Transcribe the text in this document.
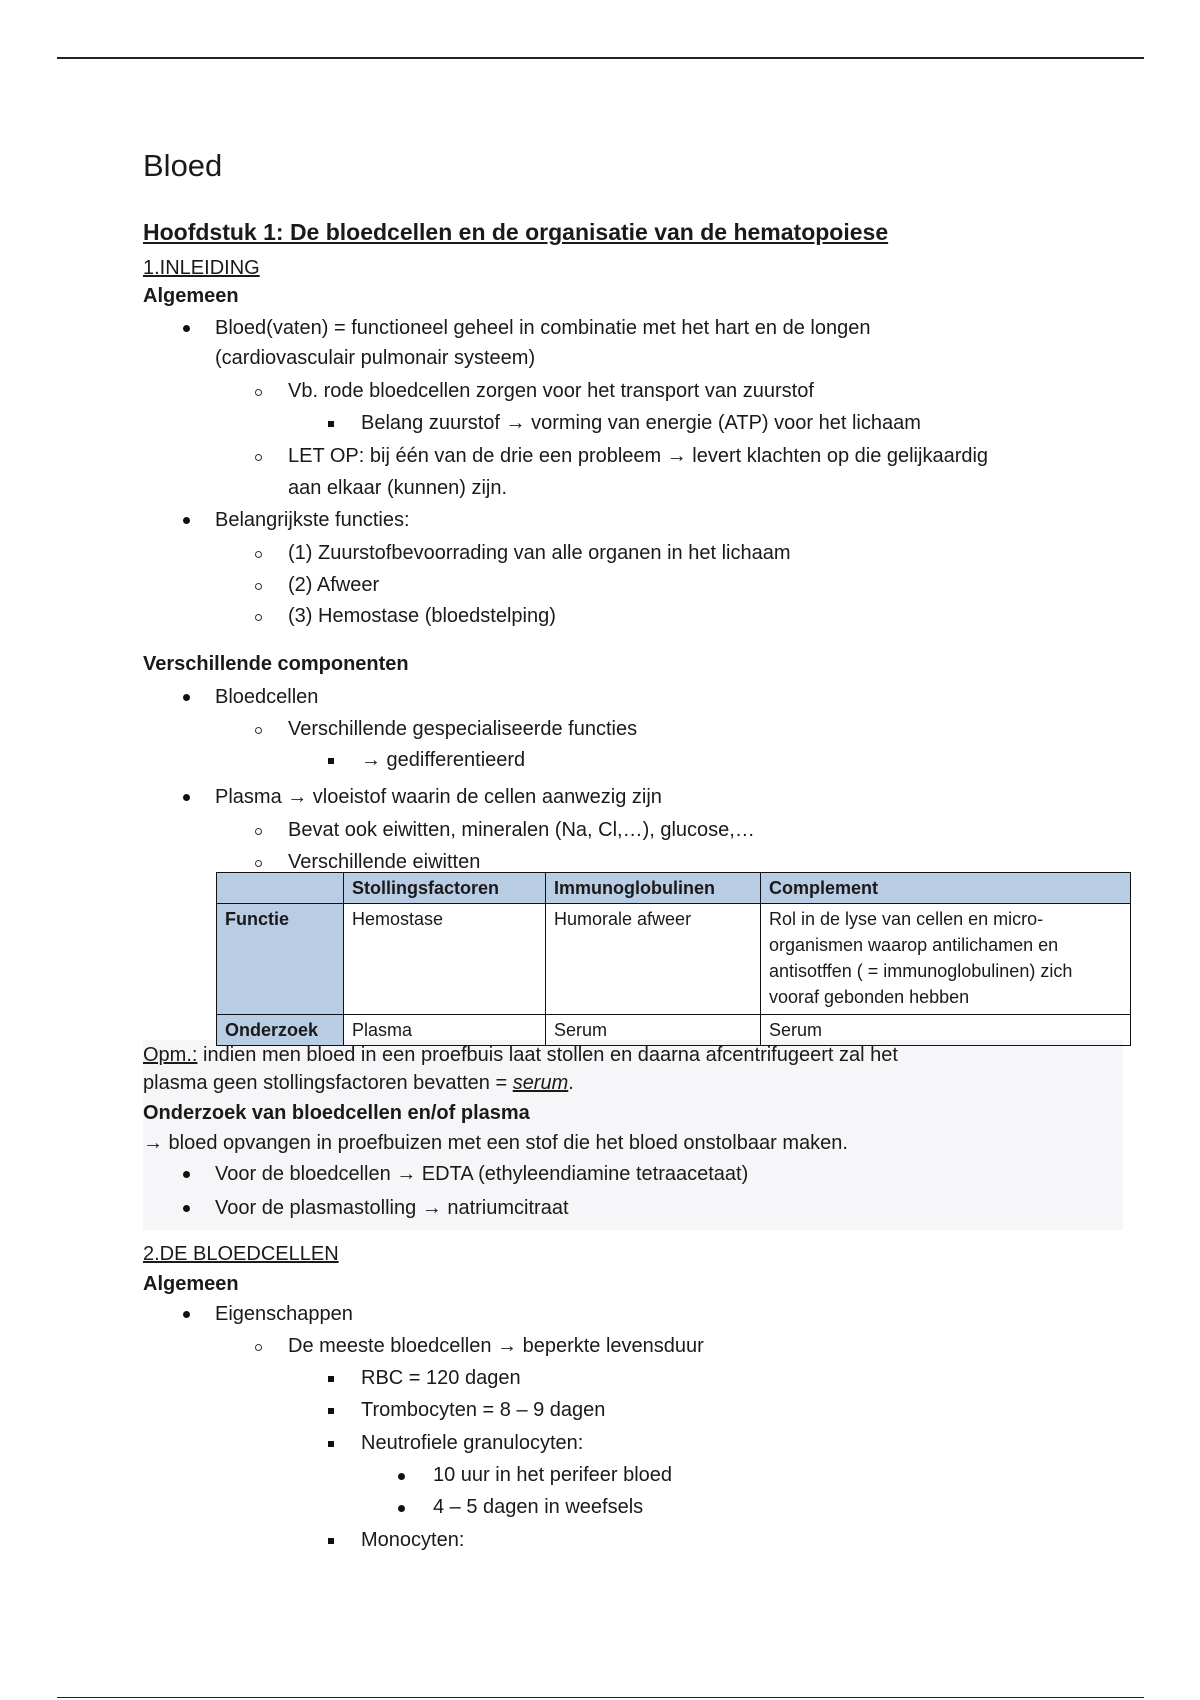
Bloed
Hoofdstuk 1: De bloedcellen en de organisatie van de hematopoiese
1.INLEIDING
Algemeen
Bloed(vaten) = functioneel geheel in combinatie met het hart en de longen
(cardiovasculair pulmonair systeem)
Vb. rode bloedcellen zorgen voor het transport van zuurstof
Belang zuurstof → vorming van energie (ATP) voor het lichaam
LET OP: bij één van de drie een probleem → levert klachten op die gelijkaardig
aan elkaar (kunnen) zijn.
Belangrijkste functies:
(1) Zuurstofbevoorrading van alle organen in het lichaam
(2) Afweer
(3) Hemostase (bloedstelping)
Verschillende componenten
Bloedcellen
Verschillende gespecialiseerde functies
→ gedifferentieerd
Plasma → vloeistof waarin de cellen aanwezig zijn
Bevat ook eiwitten, mineralen (Na, Cl,…), glucose,…
Verschillende eiwitten
	Stollingsfactoren	Immunoglobulinen	Complement
Functie	Hemostase	Humorale afweer	Rol in de lyse van cellen en micro-
organismen waarop antilichamen en
antisotffen ( = immunoglobulinen) zich
vooraf gebonden hebben

Onderzoek	Plasma	Serum	Serum
Opm.: indien men bloed in een proefbuis laat stollen en daarna afcentrifugeert zal het
plasma geen stollingsfactoren bevatten = serum.
Onderzoek van bloedcellen en/of plasma
→ bloed opvangen in proefbuizen met een stof die het bloed onstolbaar maken.
Voor de bloedcellen → EDTA (ethyleendiamine tetraacetaat)
Voor de plasmastolling → natriumcitraat
2.DE BLOEDCELLEN
Algemeen
Eigenschappen
De meeste bloedcellen → beperkte levensduur
RBC = 120 dagen
Trombocyten = 8 – 9 dagen
Neutrofiele granulocyten:
10 uur in het perifeer bloed
4 – 5 dagen in weefsels
Monocyten:
